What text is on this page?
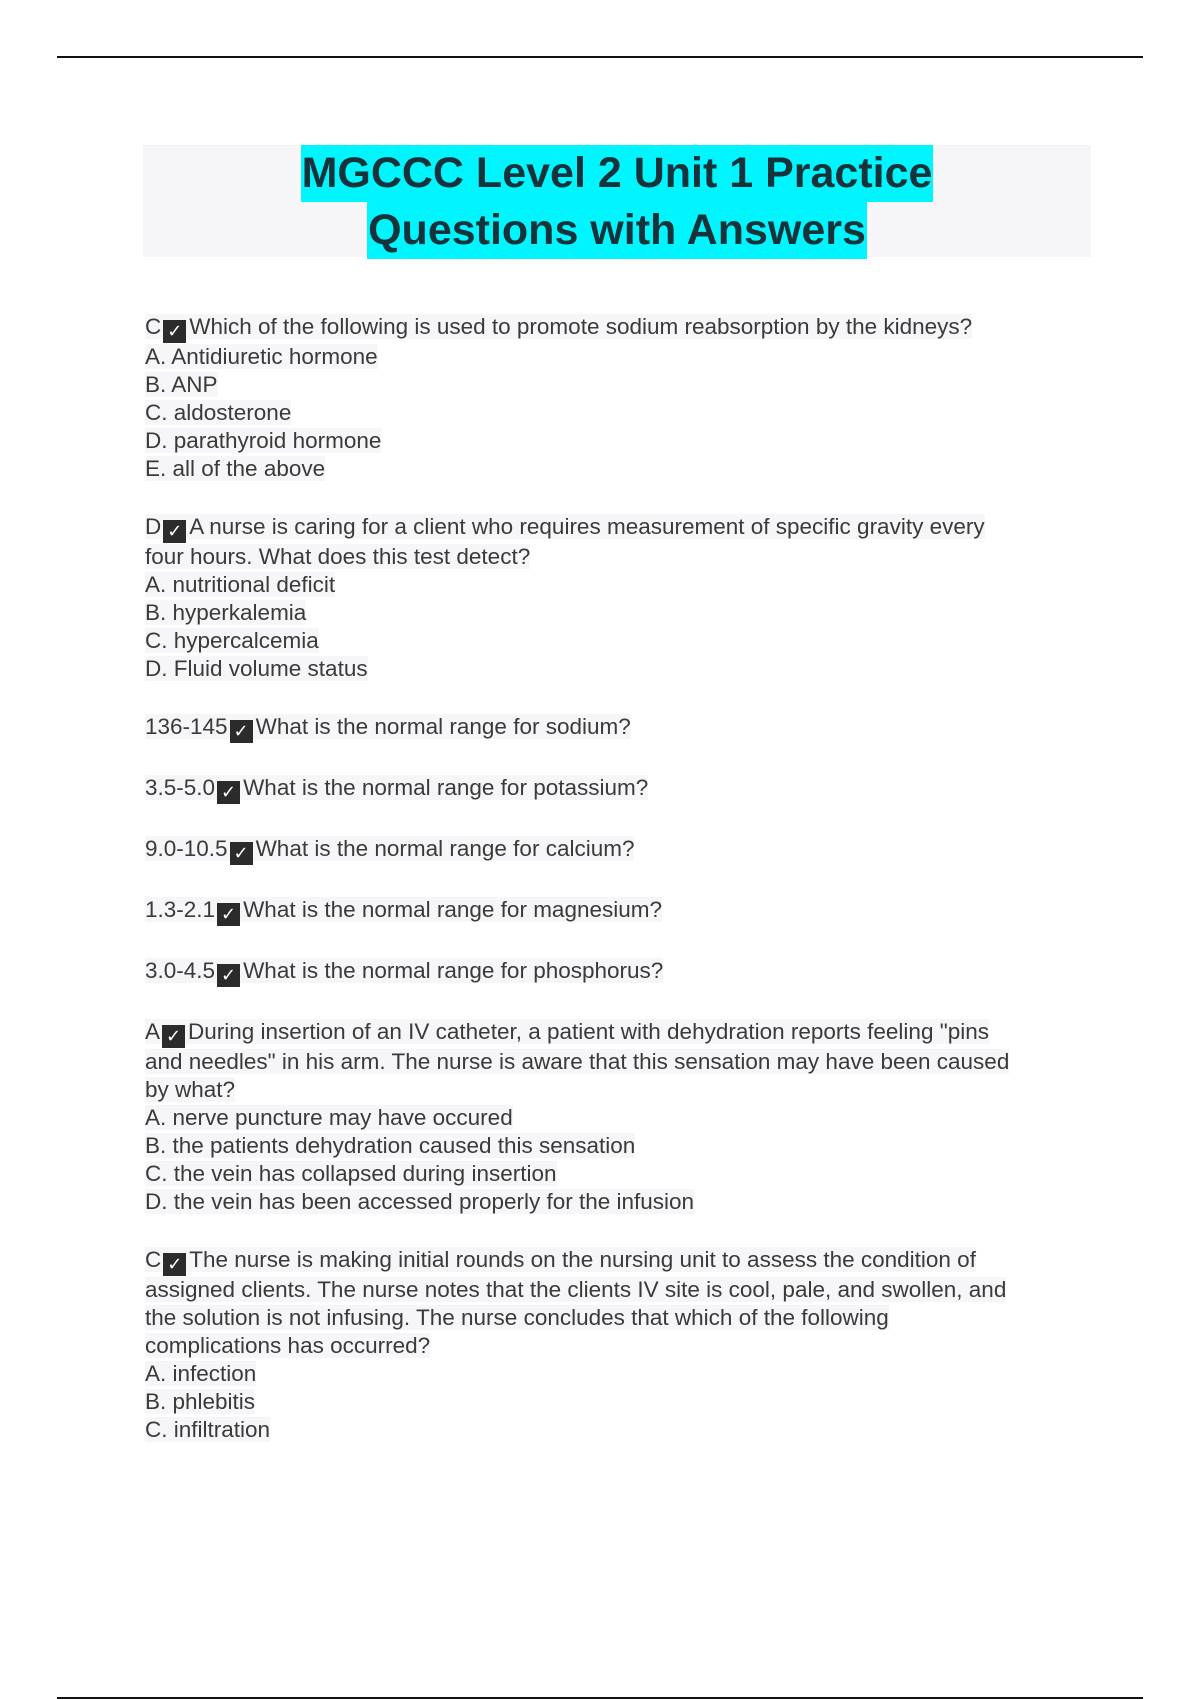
MGCCC Level 2 Unit 1 Practice
Questions with Answers
C ✓ Which of the following is used to promote sodium reabsorption by the kidneys?
A. Antidiuretic hormone
B. ANP
C. aldosterone
D. parathyroid hormone
E. all of the above
D ✓ A nurse is caring for a client who requires measurement of specific gravity every
four hours. What does this test detect?
A. nutritional deficit
B. hyperkalemia
C. hypercalcemia
D. Fluid volume status
136-145 ✓ What is the normal range for sodium?
3.5-5.0 ✓ What is the normal range for potassium?
9.0-10.5 ✓ What is the normal range for calcium?
1.3-2.1 ✓ What is the normal range for magnesium?
3.0-4.5 ✓ What is the normal range for phosphorus?
A ✓ During insertion of an IV catheter, a patient with dehydration reports feeling "pins
and needles" in his arm. The nurse is aware that this sensation may have been caused
by what?
A. nerve puncture may have occured
B. the patients dehydration caused this sensation
C. the vein has collapsed during insertion
D. the vein has been accessed properly for the infusion
C ✓ The nurse is making initial rounds on the nursing unit to assess the condition of
assigned clients. The nurse notes that the clients IV site is cool, pale, and swollen, and
the solution is not infusing. The nurse concludes that which of the following
complications has occurred?
A. infection
B. phlebitis
C. infiltration
